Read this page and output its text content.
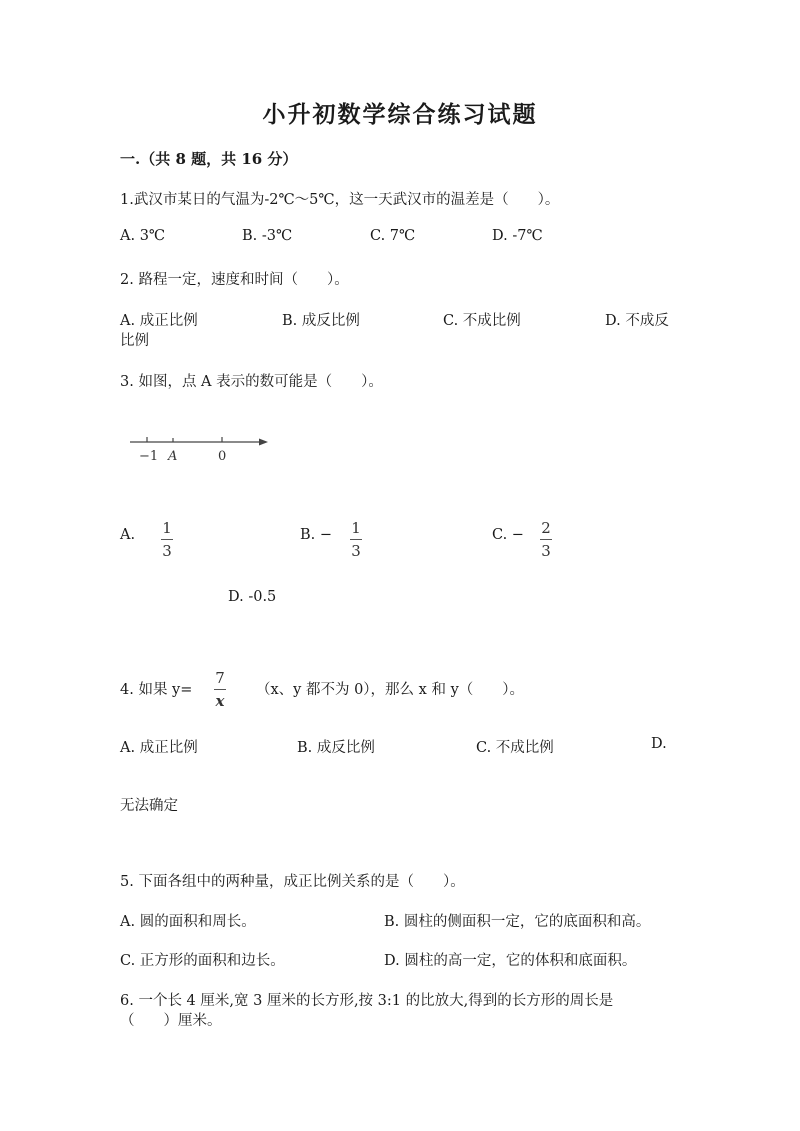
小升初数学综合练习试题
一.（共 8 题，共 16 分）
1.武汉市某日的气温为-2℃～5℃，这一天武汉市的温差是（　　）。
A. 3℃	B. -3℃	C. 7℃	D. -7℃
2. 路程一定，速度和时间（　　）。
A. 成正比例	B. 成反比例	C. 不成比例	D. 不成反
比例
3. 如图，点 A 表示的数可能是（　　）。
−1 A	0
A. 1
3
B. − 1
3
C. − 2
3
D. -0.5
4. 如果 y=
7
x
（x、y 都不为 0），那么 x 和 y（　　）。
A. 成正比例	B. 成反比例	C. 不成比例	D.
无法确定
5. 下面各组中的两种量，成正比例关系的是（　　）。
A. 圆的面积和周长。	B. 圆柱的侧面积一定，它的底面积和高。
C. 正方形的面积和边长。	D. 圆柱的高一定，它的体积和底面积。
6. 一个长 4 厘米,宽 3 厘米的长方形,按 3:1 的比放大,得到的长方形的周长是
（　　）厘米。
